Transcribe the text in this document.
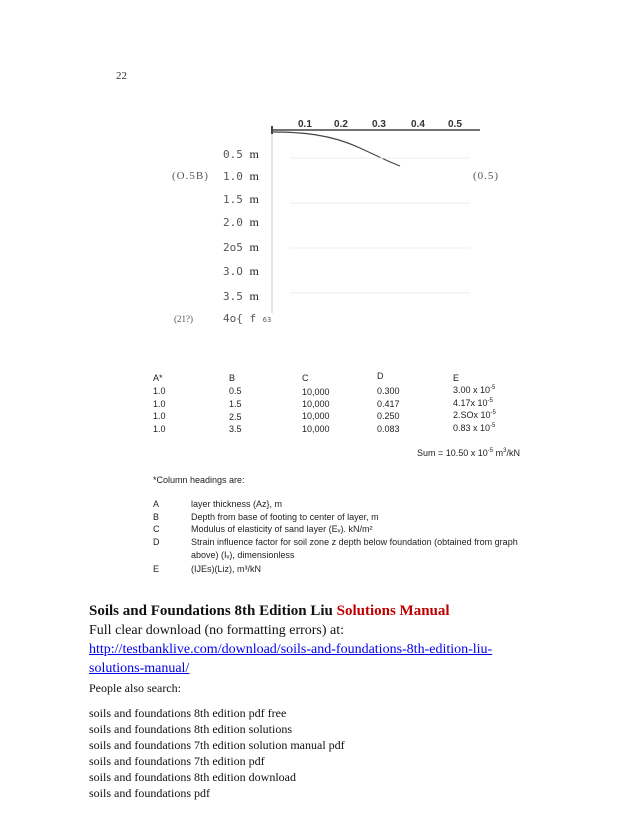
22
0.1 0.2 0.3	0.4 0.5
0.5 m
1.0 m
1.5 m
2.0 m
2o5 m
3.O m
3.5 m
4o{ f 63
(O.5B)	(0.5)
(21?)
A*	B	C	D	E
1.0	0.5	10,000	0.300	3.00 x $10^{-5}$
1.0	1.5	10,000	0.417	4.17x $10^{-5}$
1.0	2.5	10,000	0.250	2.SOx $10^{-5}$
1.0	3.5	10,000	0.083	0.83 x $10^{-5}$
Sum = 10.50 x $10^{-5}$ $m^3/kN$
*Column headings are:
A	layer thickness (Az}, m
B	Depth from base of footing to center of layer, m
C	Modulus of elasticity of sand layer (Eᵥ). kN/m²
D	Strain influence factor for soil zone z depth below foundation (obtained from graph
above) (Iᵥ), dimensionless
E	(IJEs)(Liz), m³/kN
Soils and Foundations 8th Edition Liu Solutions Manual
Full clear download (no formatting errors) at:
http://testbanklive.com/download/soils-and-foundations-8th-edition-liu-
solutions-manual/
People also search:
soils and foundations 8th edition pdf free
soils and foundations 8th edition solutions
soils and foundations 7th edition solution manual pdf
soils and foundations 7th edition pdf
soils and foundations 8th edition download
soils and foundations pdf
